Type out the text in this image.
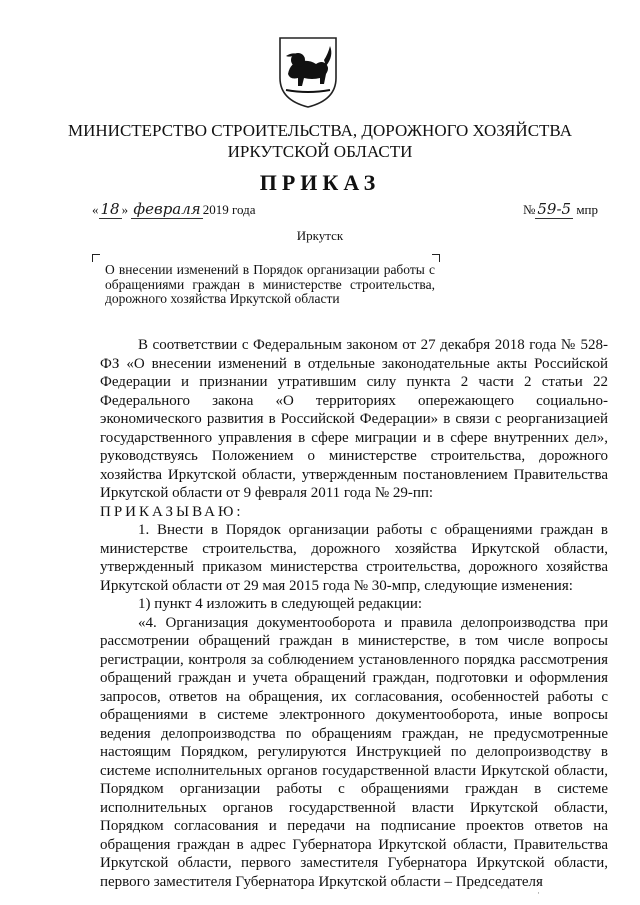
МИНИСТЕРСТВО СТРОИТЕЛЬСТВА, ДОРОЖНОГО ХОЗЯЙСТВА
ИРКУТСКОЙ ОБЛАСТИ
ПРИКАЗ
« 18 » февраля 2019 года	№ 59-5 мпр
Иркутск
О внесении изменений в Порядок организации работы с обращениями граждан в министерстве строительства, дорожного хозяйства Иркутской области

В соответствии с Федеральным законом от 27 декабря 2018 года № 528-ФЗ «О внесении изменений в отдельные законодательные акты Российской Федерации и признании утратившим силу пункта 2 части 2 статьи 22 Федерального закона «О территориях опережающего социально-экономического развития в Российской Федерации» в связи с реорганизацией государственного управления в сфере миграции и в сфере внутренних дел», руководствуясь Положением о министерстве строительства, дорожного хозяйства Иркутской области, утвержденным постановлением Правительства Иркутской области от 9 февраля 2011 года № 29-пп:

ПРИКАЗЫВАЮ:

1. Внести в Порядок организации работы с обращениями граждан в министерстве строительства, дорожного хозяйства Иркутской области, утвержденный приказом министерства строительства, дорожного хозяйства Иркутской области от 29 мая 2015 года № 30-мпр, следующие изменения:

1) пункт 4 изложить в следующей редакции:

«4. Организация документооборота и правила делопроизводства при рассмотрении обращений граждан в министерстве, в том числе вопросы регистрации, контроля за соблюдением установленного порядка рассмотрения обращений граждан и учета обращений граждан, подготовки и оформления запросов, ответов на обращения, их согласования, особенностей работы с обращениями в системе электронного документооборота, иные вопросы ведения делопроизводства по обращениям граждан, не предусмотренные настоящим Порядком, регулируются Инструкцией по делопроизводству в системе исполнительных органов государственной власти Иркутской области, Порядком организации работы с обращениями граждан в системе исполнительных органов государственной власти Иркутской области, Порядком согласования и передачи на подписание проектов ответов на обращения граждан в адрес Губернатора Иркутской области, Правительства Иркутской области, первого заместителя Губернатора Иркутской области, первого заместителя Губернатора Иркутской области – Председателя

·
